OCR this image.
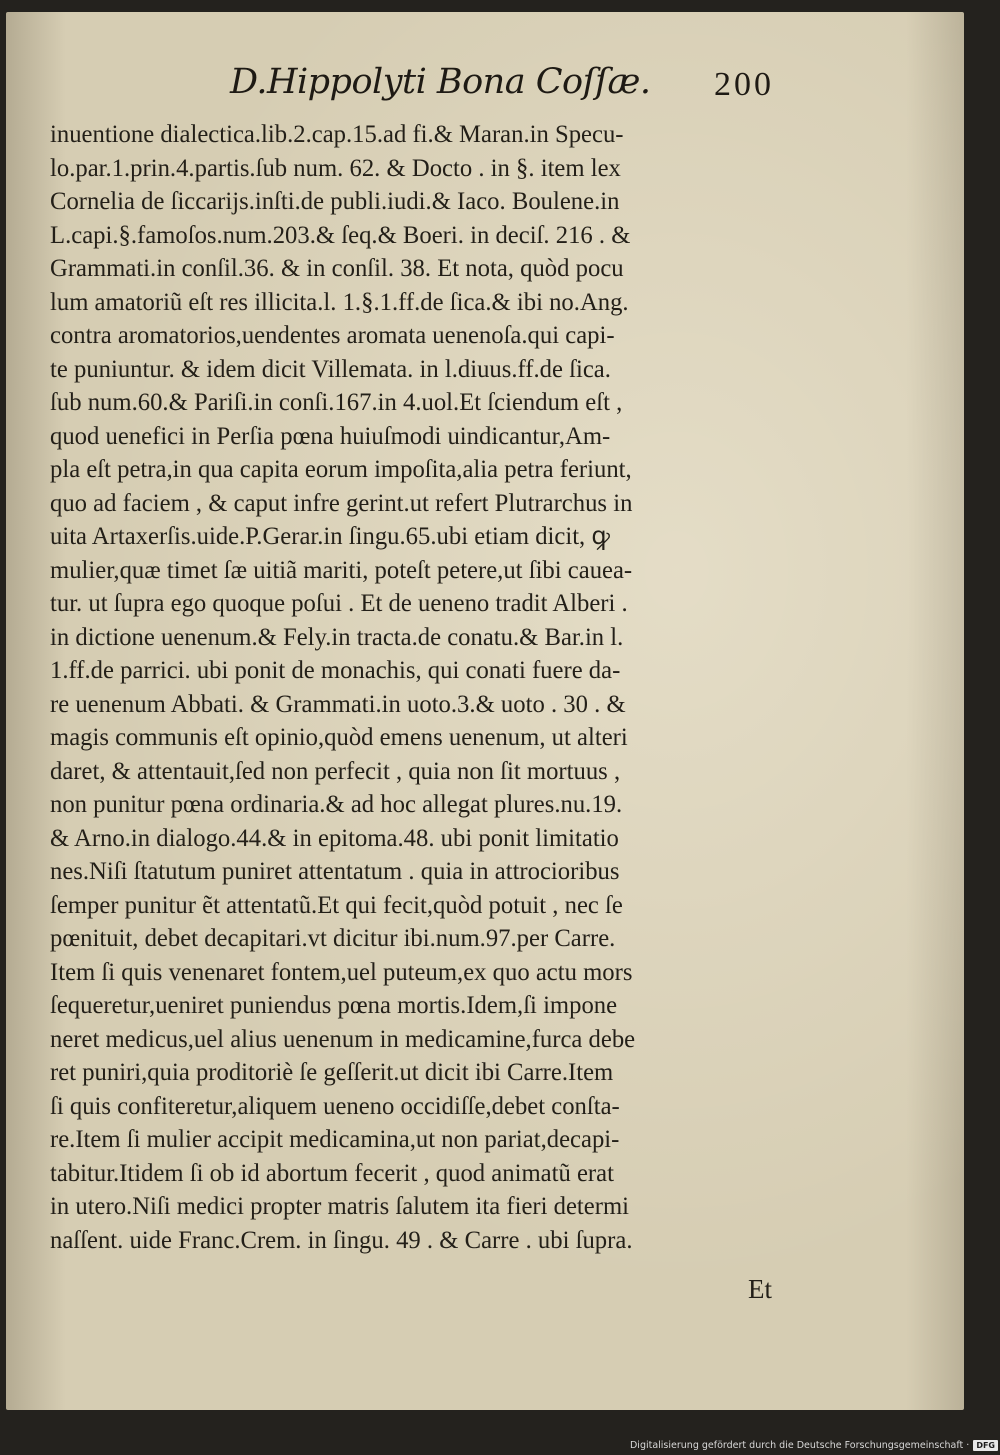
D.Hippolyti Bona Coſſæ. 200
inuentione dialectica.lib.2.cap.15.ad fi.& Maran.in Specu-
lo.par.1.prin.4.partis.ſub num. 62. & Docto . in §. item lex
Cornelia de ſiccarijs.inſti.de publi.iudi.& Iaco. Boulene.in
L.capi.§.famoſos.num.203.& ſeq.& Boeri. in deciſ. 216 . &
Grammati.in conſil.36. & in conſil. 38. Et nota, quòd pocu
lum amatoriũ eſt res illicita.l. 1.§.1.ff.de ſica.& ibi no.Ang.
contra aromatorios,uendentes aromata uenenoſa.qui capi-
te puniuntur. & idem dicit Villemata. in l.diuus.ff.de ſica.
ſub num.60.& Pariſi.in conſi.167.in 4.uol.Et ſciendum eſt ,
quod uenefici in Perſia pœna huiuſmodi uindicantur,Am-
pla eſt petra,in qua capita eorum impoſita,alia petra feriunt,
quo ad faciem , & caput infre gerint.ut refert Plutrarchus in
uita Artaxerſis.uide.P.Gerar.in ſingu.65.ubi etiam dicit, ꝙ
mulier,quæ timet ſæ uitiã mariti, poteſt petere,ut ſibi cauea-
tur. ut ſupra ego quoque poſui . Et de ueneno tradit Alberi .
in dictione uenenum.& Fely.in tracta.de conatu.& Bar.in l.
1.ff.de parrici. ubi ponit de monachis, qui conati fuere da-
re uenenum Abbati. & Grammati.in uoto.3.& uoto . 30 . &
magis communis eſt opinio,quòd emens uenenum, ut alteri
daret, & attentauit,ſed non perfecit , quia non ſit mortuus ,
non punitur pœna ordinaria.& ad hoc allegat plures.nu.19.
& Arno.in dialogo.44.& in epitoma.48. ubi ponit limitatio
nes.Niſi ſtatutum puniret attentatum . quia in attrocioribus
ſemper punitur ẽt attentatũ.Et qui fecit,quòd potuit , nec ſe
pœnituit, debet decapitari.vt dicitur ibi.num.97.per Carre.
Item ſi quis venenaret fontem,uel puteum,ex quo actu mors
ſequeretur,ueniret puniendus pœna mortis.Idem,ſi impone
neret medicus,uel alius uenenum in medicamine,furca debe
ret puniri,quia proditoriè ſe geſſerit.ut dicit ibi Carre.Item
ſi quis confiteretur,aliquem ueneno occidiſſe,debet conſta-
re.Item ſi mulier accipit medicamina,ut non pariat,decapi-
tabitur.Itidem ſi ob id abortum fecerit , quod animatũ erat
in utero.Niſi medici propter matris ſalutem ita fieri determi
naſſent. uide Franc.Crem. in ſingu. 49 . & Carre . ubi ſupra.
Et
Digitalisierung gefördert durch die Deutsche Forschungsgemeinschaft · DFG
